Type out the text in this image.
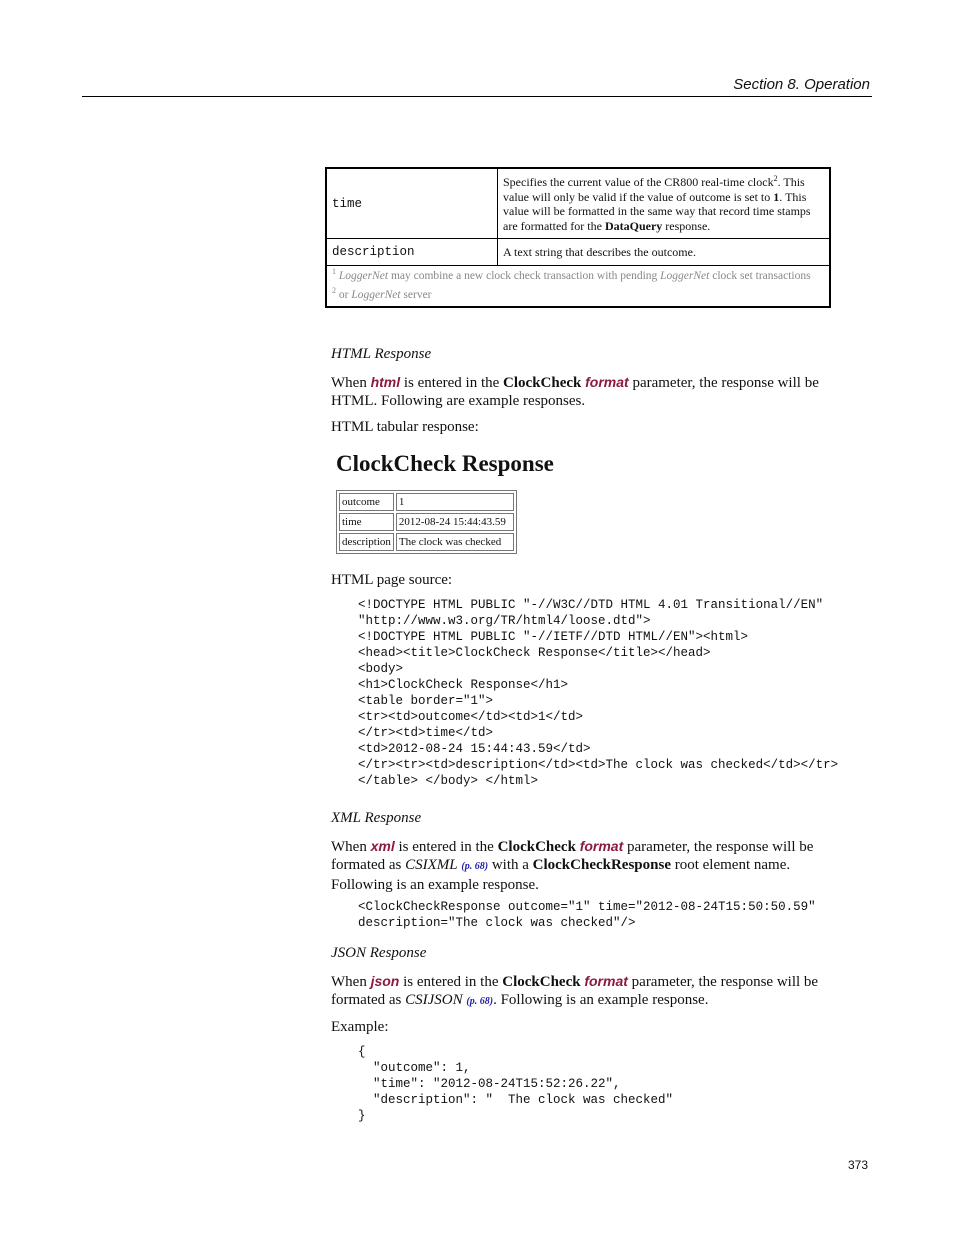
Section 8. Operation
time	Specifies the current value of the CR800 real-time clock$^2$. This value will only be valid if the value of outcome is set to 1. This value will be formatted in the same way that record time stamps are formatted for the DataQuery response.
description	A text string that describes the outcome.

$^1$ LoggerNet may combine a new clock check transaction with pending LoggerNet clock set transactions
$^2$ or LoggerNet server	
HTML Response
When html is entered in the ClockCheck format parameter, the response will be HTML. Following are example responses.
HTML tabular response:
ClockCheck Response
outcome	1
time	2012-08-24 15:44:43.59
description	The clock was checked
HTML page source:
<!DOCTYPE HTML PUBLIC "-//W3C//DTD HTML 4.01 Transitional//EN"
"http://www.w3.org/TR/html4/loose.dtd">
<!DOCTYPE HTML PUBLIC "-//IETF//DTD HTML//EN"><html>
<head><title>ClockCheck Response</title></head>
<body>
<h1>ClockCheck Response</h1>
<table border="1">
<tr><td>outcome</td><td>1</td>
</tr><td>time</td>
<td>2012-08-24 15:44:43.59</td>
</tr><tr><td>description</td><td>The clock was checked</td></tr>
</table> </body> </html>
XML Response
When xml is entered in the ClockCheck format parameter, the response will be formated as CSIXML (p. 68) with a ClockCheckResponse root element name. Following is an example response.
<ClockCheckResponse outcome="1" time="2012-08-24T15:50:50.59"
description="The clock was checked"/>
JSON Response
When json is entered in the ClockCheck format parameter, the response will be formated as CSIJSON (p. 68). Following is an example response.
Example:
{
"outcome": 1,
"time": "2012-08-24T15:52:26.22",
"description": "  The clock was checked"
}
373
